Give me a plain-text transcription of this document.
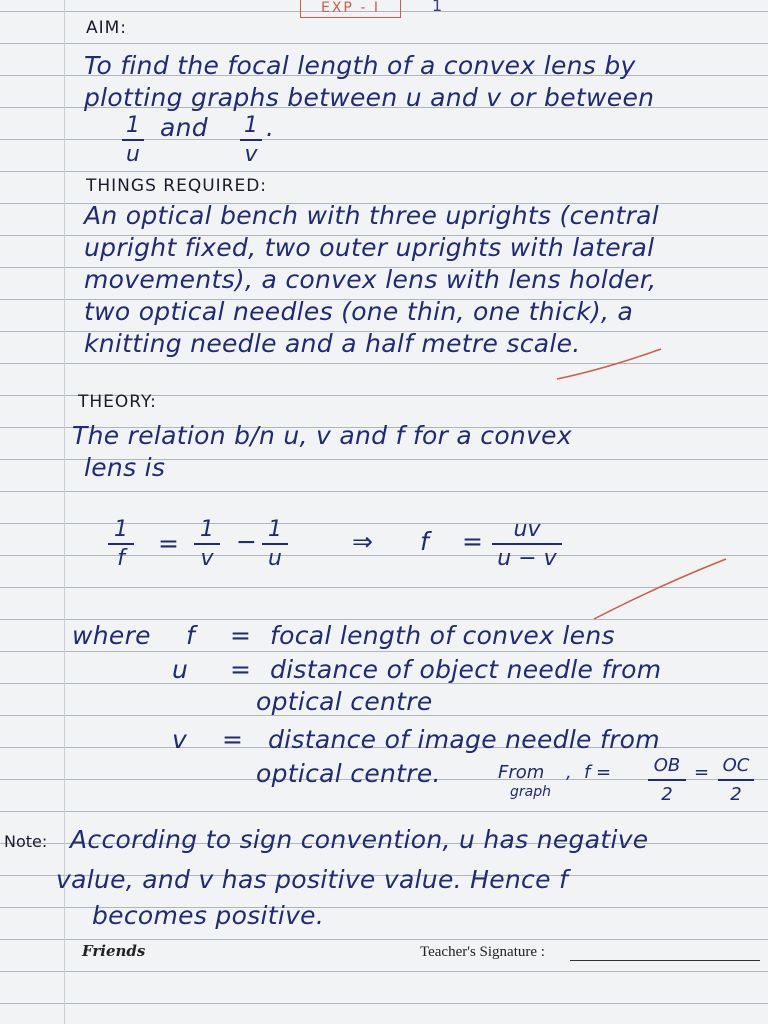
EXP - I	1
AIM:
To find the focal length of a convex lens by
plotting graphs between u and v or between
1
u
and 1
v
.
THINGS REQUIRED:
An optical bench with three uprights (central
upright fixed, two outer uprights with lateral
movements), a convex lens with lens holder,
two optical needles (one thin, one thick), a
knitting needle and a half metre scale.
THEORY:
The relation b/n u, v and f for a convex
lens is
1
f
= 1
v
− 1
u
⇒ f =	uv
u − v
where f = focal length of convex lens
u = distance of object needle from
optical centre
v = distance of image needle from
optical centre.	From
graph
, f =	OB
2
= OC
2
Note: According to sign convention, u has negative
value, and v has positive value. Hence f
becomes positive.
Friends	Teacher's Signature :
